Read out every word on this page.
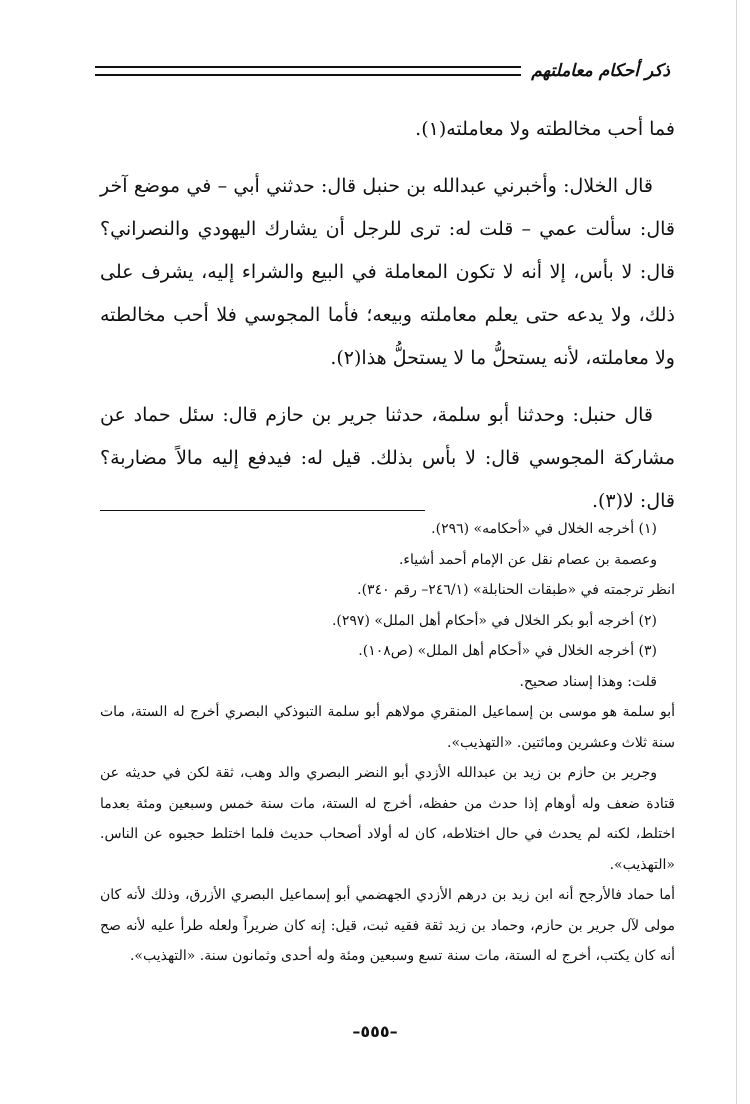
ذكر أحكام معاملتهم

فما أحب مخالطته ولا معاملته(١).

قال الخلال: وأخبرني عبدالله بن حنبل قال: حدثني أبي – في موضع آخر قال: سألت عمي – قلت له: ترى للرجل أن يشارك اليهودي والنصراني؟ قال: لا بأس، إلا أنه لا تكون المعاملة في البيع والشراء إليه، يشرف على ذلك، ولا يدعه حتى يعلم معاملته وبيعه؛ فأما المجوسي فلا أحب مخالطته ولا معاملته، لأنه يستحلُّ ما لا يستحلُّ هذا(٢).

قال حنبل: وحدثنا أبو سلمة، حدثنا جرير بن حازم قال: سئل حماد عن مشاركة المجوسي قال: لا بأس بذلك. قيل له: فيدفع إليه مالاً مضاربة؟ قال: لا(٣).

(١) أخرجه الخلال في «أحكامه» (٢٩٦).

وعصمة بن عصام نقل عن الإمام أحمد أشياء.

انظر ترجمته في «طبقات الحنابلة» (٢٤٦/١– رقم ٣٤٠).

(٢) أخرجه أبو بكر الخلال في «أحكام أهل الملل» (٢٩٧).

(٣) أخرجه الخلال في «أحكام أهل الملل» (ص١٠٨).

قلت: وهذا إسناد صحيح.

أبو سلمة هو موسى بن إسماعيل المنقري مولاهم أبو سلمة التبوذكي البصري أخرج له الستة، مات سنة ثلاث وعشرين ومائتين. «التهذيب».

وجرير بن حازم بن زيد بن عبدالله الأزدي أبو النضر البصري والد وهب، ثقة لكن في حديثه عن قتادة ضعف وله أوهام إذا حدث من حفظه، أخرج له الستة، مات سنة خمس وسبعين ومئة بعدما اختلط، لكنه لم يحدث في حال اختلاطه، كان له أولاد أصحاب حديث فلما اختلط حجبوه عن الناس. «التهذيب».

أما حماد فالأرجح أنه ابن زيد بن درهم الأزدي الجهضمي أبو إسماعيل البصري الأزرق، وذلك لأنه كان مولى لآل جرير بن حازم، وحماد بن زيد ثقة فقيه ثبت، قيل: إنه كان ضريراً ولعله طرأ عليه لأنه صح أنه كان يكتب، أخرج له الستة، مات سنة تسع وسبعين ومئة وله أحدى وثمانون سنة. «التهذيب».

–٥٥٥–
